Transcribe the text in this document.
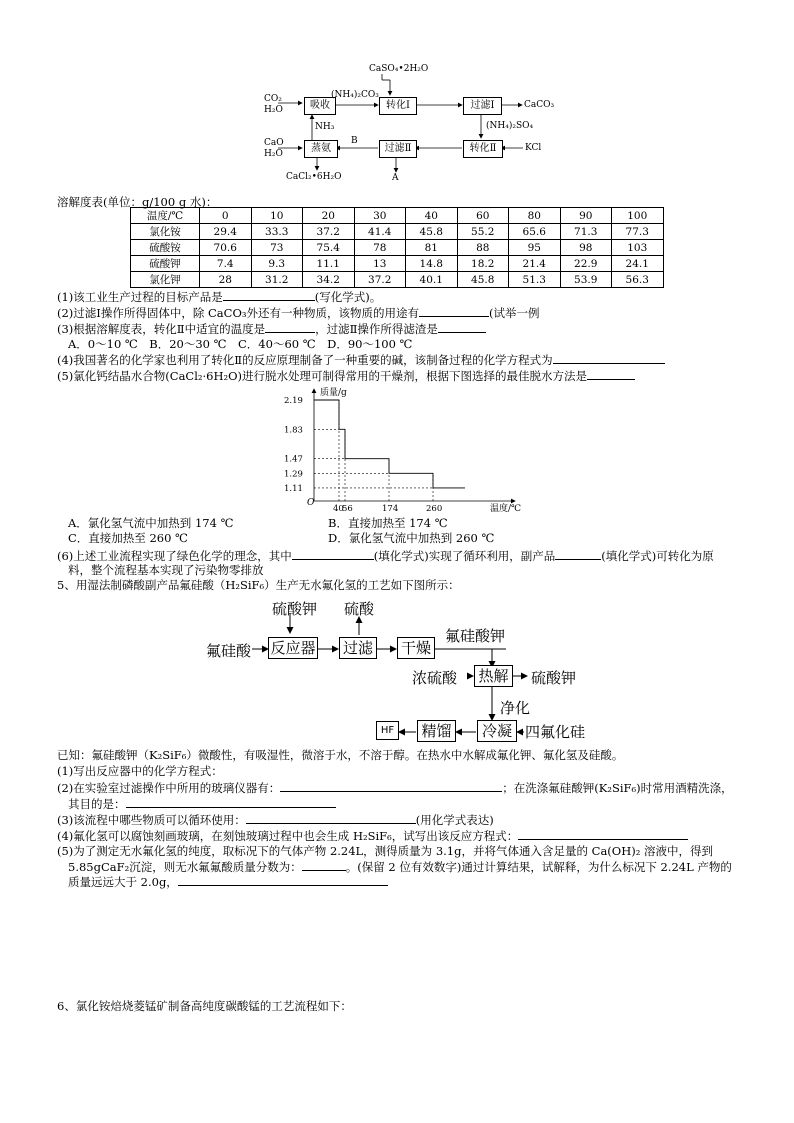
CaSO₄•2H₂O
CO₂
H₂O	吸收
(NH₄)₂CO₃
转化Ⅰ	过滤Ⅰ	CaCO₃
NH₃	(NH₄)₂SO₄
CaO
H₂O	蒸氨
B
过滤Ⅱ	转化Ⅱ	KCl
CaCl₂•6H₂O	A
溶解度表(单位：g/100 g 水)：
温度/℃	0	10	20	30	40	60	80	90	100
氯化铵	29.4	33.3	37.2	41.4	45.8	55.2	65.6	71.3	77.3
硫酸铵	70.6	73	75.4	78	81	88	95	98	103
硫酸钾	7.4	9.3	11.1	13	14.8	18.2	21.4	22.9	24.1
氯化钾	28	31.2	34.2	37.2	40.1	45.8	51.3	53.9	56.3
(1)该工业生产过程的目标产品是	(写化学式)。
(2)过滤Ⅰ操作所得固体中，除 CaCO₃外还有一种物质，该物质的用途有	(试举一例
(3)根据溶解度表，转化Ⅱ中适宜的温度是	，过滤Ⅱ操作所得滤渣是
A．0～10 ℃　B．20～30 ℃　C．40～60 ℃　D．90～100 ℃
(4)我国著名的化学家也利用了转化Ⅱ的反应原理制备了一种重要的碱，该制备过程的化学方程式为
(5)氯化钙结晶水合物(CaCl₂·6H₂O)进行脱水处理可制得常用的干燥剂，根据下图选择的最佳脱水方法是
质量/g
温度/℃
O
2.19
1.83
1.47
1.29
1.11
40
56	174	260
A．氯化氢气流中加热到 174 ℃	B．直接加热至 174 ℃
C．直接加热至 260 ℃	D．氯化氢气流中加热到 260 ℃
(6)上述工业流程实现了绿色化学的理念，其中	(填化学式)实现了循环利用，副产品	(填化学式)可转化为原
料，整个流程基本实现了污染物零排放
5、用湿法制磷酸副产品氟硅酸（H₂SiF₆）生产无水氟化氢的工艺如下图所示：
硫酸钾 硫酸
氟硅酸 反应器 过滤 干燥
氟硅酸钾
浓硫酸 热解	硫酸钾
净化
HF	精馏	冷凝 四氟化硅
已知：氟硅酸钾（K₂SiF₆）微酸性，有吸湿性，微溶于水，不溶于醇。在热水中水解成氟化钾、氟化氢及硅酸。
(1)写出反应器中的化学方程式：
(2)在实验室过滤操作中所用的玻璃仪器有：	；在洗涤氟硅酸钾(K₂SiF₆)时常用酒精洗涤，
其目的是：
(3)该流程中哪些物质可以循环使用：	(用化学式表达)
(4)氟化氢可以腐蚀刻画玻璃，在刻蚀玻璃过程中也会生成 H₂SiF₆，试写出该反应方程式：
(5)为了测定无水氟化氢的纯度，取标况下的气体产物 2.24L，测得质量为 3.1g，并将气体通入含足量的 Ca(OH)₂ 溶液中，得到
5.85gCaF₂沉淀，则无水氟氟酸质量分数为：	。(保留 2 位有效数字)通过计算结果，试解释，为什么标况下 2.24L 产物的
质量远远大于 2.0g，
6、氯化铵焙烧菱锰矿制备高纯度碳酸锰的工艺流程如下：
